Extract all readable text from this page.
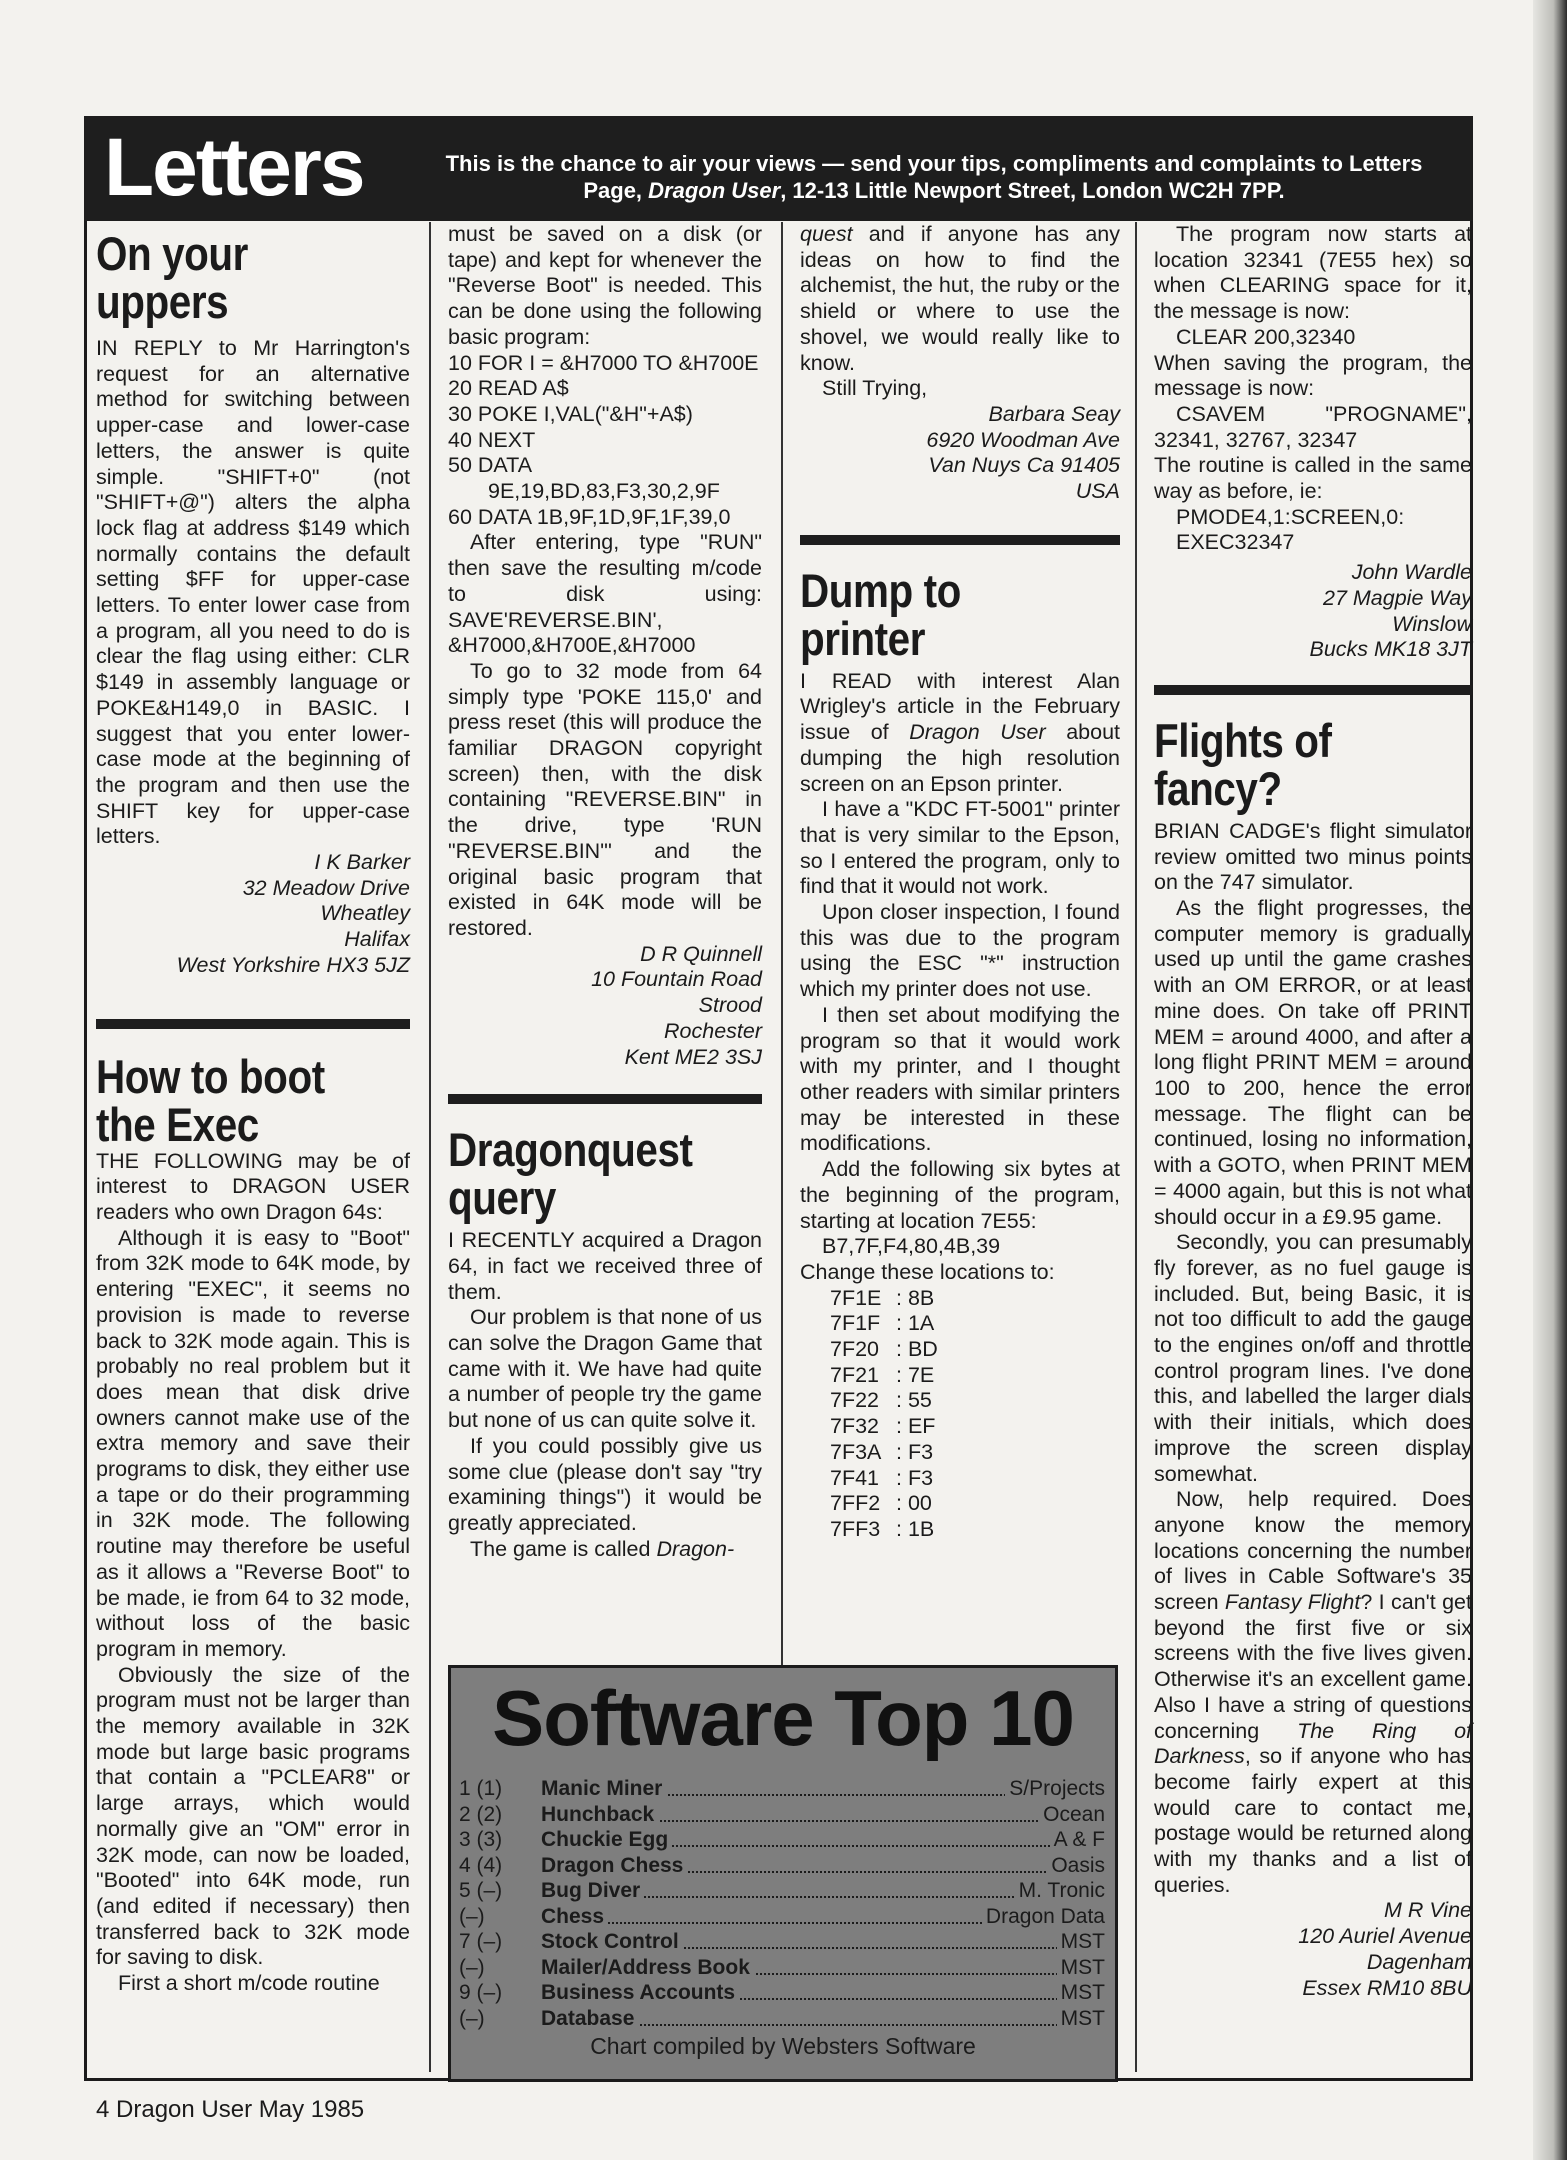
Letters	This is the chance to air your views — send your tips, compliments and complaints to Letters Page, Dragon User, 12-13 Little Newport Street, London WC2H 7PP.
On your
uppers

IN REPLY to Mr Harrington's request for an alternative method for switching between upper-case and lower-case letters, the answer is quite simple. "SHIFT+0" (not "SHIFT+@") alters the alpha lock flag at address $149 which normally contains the default setting $FF for upper-case letters. To enter lower case from a program, all you need to do is clear the flag using either: CLR $149 in assembly language or POKE&H149,0 in BASIC. I suggest that you enter lower-case mode at the beginning of the program and then use the SHIFT key for upper-case letters.

I K Barker
32 Meadow Drive
Wheatley
Halifax
West Yorkshire HX3 5JZ
How to boot
the Exec

THE FOLLOWING may be of interest to DRAGON USER readers who own Dragon 64s:

Although it is easy to "Boot" from 32K mode to 64K mode, by entering "EXEC", it seems no provision is made to reverse back to 32K mode again. This is probably no real problem but it does mean that disk drive owners cannot make use of the extra memory and save their programs to disk, they either use a tape or do their programming in 32K mode. The following routine may therefore be useful as it allows a "Reverse Boot" to be made, ie from 64 to 32 mode, without loss of the basic program in memory.

Obviously the size of the program must not be larger than the memory available in 32K mode but large basic programs that contain a "PCLEAR8" or large arrays, which would normally give an "OM" error in 32K mode, can now be loaded, "Booted" into 64K mode, run (and edited if necessary) then transferred back to 32K mode for saving to disk.

First a short m/code routine

must be saved on a disk (or tape) and kept for whenever the "Reverse Boot" is needed. This can be done using the following basic program:

10 FOR I = &H7000 TO &H700E
20 READ A$
30 POKE I,VAL("&H"+A$)
40 NEXT
50 DATA 9E,19,BD,83,F3,30,2,9F
60 DATA 1B,9F,1D,9F,1F,39,0

After entering, type "RUN" then save the resulting m/code to disk using: SAVE'REVERSE.BIN', &H7000,&H700E,&H7000

To go to 32 mode from 64 simply type 'POKE 115,0' and press reset (this will produce the familiar DRAGON copyright screen) then, with the disk containing "REVERSE.BIN" in the drive, type 'RUN "REVERSE.BIN"' and the original basic program that existed in 64K mode will be restored.

D R Quinnell
10 Fountain Road
Strood
Rochester
Kent ME2 3SJ
Dragonquest
query

I RECENTLY acquired a Dragon 64, in fact we received three of them.

Our problem is that none of us can solve the Dragon Game that came with it. We have had quite a number of people try the game but none of us can quite solve it.

If you could possibly give us some clue (please don't say "try examining things") it would be greatly appreciated.

The game is called Dragon-

quest and if anyone has any ideas on how to find the alchemist, the hut, the ruby or the shield or where to use the shovel, we would really like to know.

Still Trying,

Barbara Seay
6920 Woodman Ave
Van Nuys Ca 91405
USA
Dump to
printer

I READ with interest Alan Wrigley's article in the February issue of Dragon User about dumping the high resolution screen on an Epson printer.

I have a "KDC FT-5001" printer that is very similar to the Epson, so I entered the program, only to find that it would not work.

Upon closer inspection, I found this was due to the program using the ESC "*" instruction which my printer does not use.

I then set about modifying the program so that it would work with my printer, and I thought other readers with similar printers may be interested in these modifications.

Add the following six bytes at the beginning of the program, starting at location 7E55:

B7,7F,F4,80,4B,39

Change these locations to:

7F1E : 8B
7F1F : 1A
7F20 : BD
7F21 : 7E
7F22 : 55
7F32 : EF
7F3A : F3
7F41 : F3
7FF2 : 00
7FF3 : 1B

The program now starts at location 32341 (7E55 hex) so when CLEARING space for it, the message is now:

CLEAR 200,32340

When saving the program, the message is now:

CSAVEM "PROGNAME", 32341, 32767, 32347

The routine is called in the same way as before, ie:

PMODE4,1:SCREEN,0:
EXEC32347
John Wardle
27 Magpie Way
Winslow
Bucks MK18 3JT
Flights of
fancy?

BRIAN CADGE's flight simulator review omitted two minus points on the 747 simulator.

As the flight progresses, the computer memory is gradually used up until the game crashes with an OM ERROR, or at least mine does. On take off PRINT MEM = around 4000, and after a long flight PRINT MEM = around 100 to 200, hence the error message. The flight can be continued, losing no information, with a GOTO, when PRINT MEM = 4000 again, but this is not what should occur in a £9.95 game.

Secondly, you can presumably fly forever, as no fuel gauge is included. But, being Basic, it is not too difficult to add the gauge to the engines on/off and throttle control program lines. I've done this, and labelled the larger dials with their initials, which does improve the screen display somewhat.

Now, help required. Does anyone know the memory locations concerning the number of lives in Cable Software's 35 screen Fantasy Flight? I can't get beyond the first five or six screens with the five lives given. Otherwise it's an excellent game. Also I have a string of questions concerning The Ring of Darkness, so if anyone who has become fairly expert at this would care to contact me, postage would be returned along with my thanks and a list of queries.

M R Vine
120 Auriel Avenue
Dagenham
Essex RM10 8BU
Software Top 10
1 (1)	Manic Miner	S/Projects
2 (2)	Hunchback	Ocean
3 (3)	Chuckie Egg	A & F
4 (4)	Dragon Chess	Oasis
5 (–)	Bug Diver	M. Tronic
(–)	Chess	Dragon Data
7 (–)	Stock Control	MST
(–)	Mailer/Address Book	MST
9 (–)	Business Accounts	MST
(–)	Database	MST
Chart compiled by Websters Software
4 Dragon User May 1985
